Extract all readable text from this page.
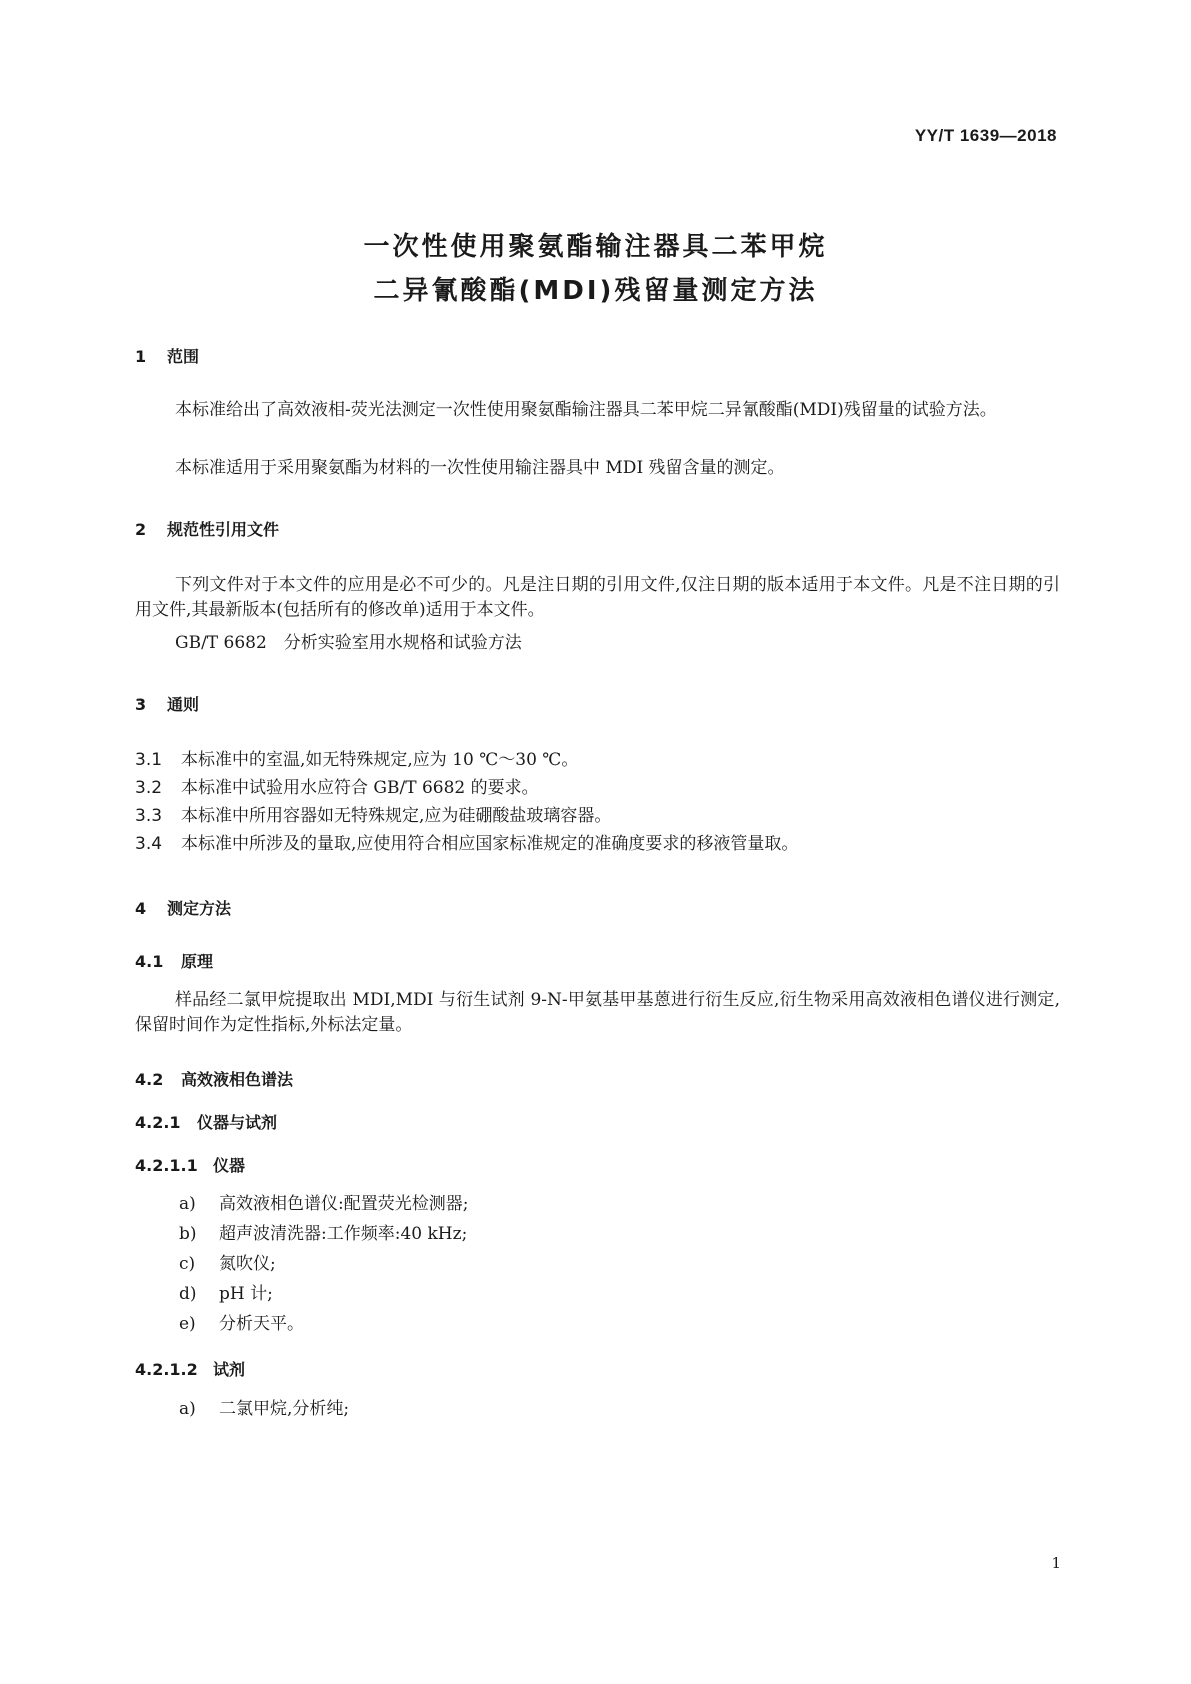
YY/T 1639—2018
一次性使用聚氨酯输注器具二苯甲烷
二异氰酸酯(MDI)残留量测定方法
1 范围
本标准给出了高效液相-荧光法测定一次性使用聚氨酯输注器具二苯甲烷二异氰酸酯(MDI)残留量的试验方法。
本标准适用于采用聚氨酯为材料的一次性使用输注器具中 MDI 残留含量的测定。
2 规范性引用文件
下列文件对于本文件的应用是必不可少的。凡是注日期的引用文件,仅注日期的版本适用于本文件。凡是不注日期的引用文件,其最新版本(包括所有的修改单)适用于本文件。
GB/T 6682　分析实验室用水规格和试验方法
3 通则
3.1 本标准中的室温,如无特殊规定,应为 10 ℃～30 ℃。
3.2 本标准中试验用水应符合 GB/T 6682 的要求。
3.3 本标准中所用容器如无特殊规定,应为硅硼酸盐玻璃容器。
3.4 本标准中所涉及的量取,应使用符合相应国家标准规定的准确度要求的移液管量取。
4 测定方法
4.1 原理
样品经二氯甲烷提取出 MDI,MDI 与衍生试剂 9-N-甲氨基甲基蒽进行衍生反应,衍生物采用高效液相色谱仪进行测定,保留时间作为定性指标,外标法定量。
4.2 高效液相色谱法
4.2.1 仪器与试剂
4.2.1.1 仪器
a) 高效液相色谱仪:配置荧光检测器;
b) 超声波清洗器:工作频率:40 kHz;
c) 氮吹仪;
d) pH 计;
e) 分析天平。
4.2.1.2 试剂
a) 二氯甲烷,分析纯;
1
